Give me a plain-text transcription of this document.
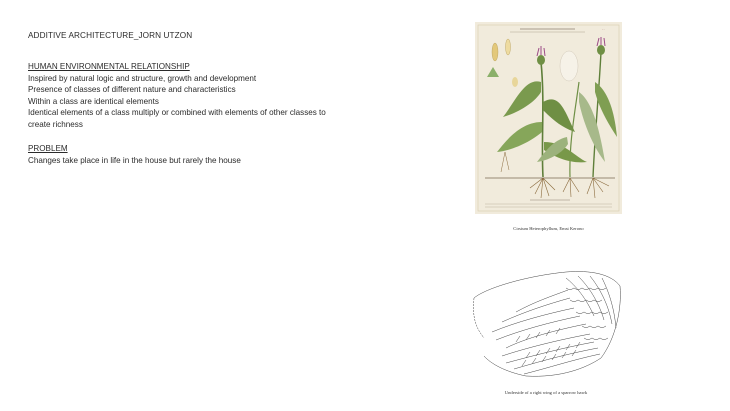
ADDITIVE ARCHITECTURE_JORN UTZON
HUMAN ENVIRONMENTAL RELATIONSHIP
Inspired by natural logic and structure, growth and development
Presence of classes of different nature and characteristics
Within a class are identical elements
Identical elements of a class multiply or combined with elements of other classes to
create richness
PROBLEM
Changes take place in life in the house but rarely the house
··
Cirsium Heterophyllum, Emst Kerono
Underside of a right wing of a sparrow hawk
